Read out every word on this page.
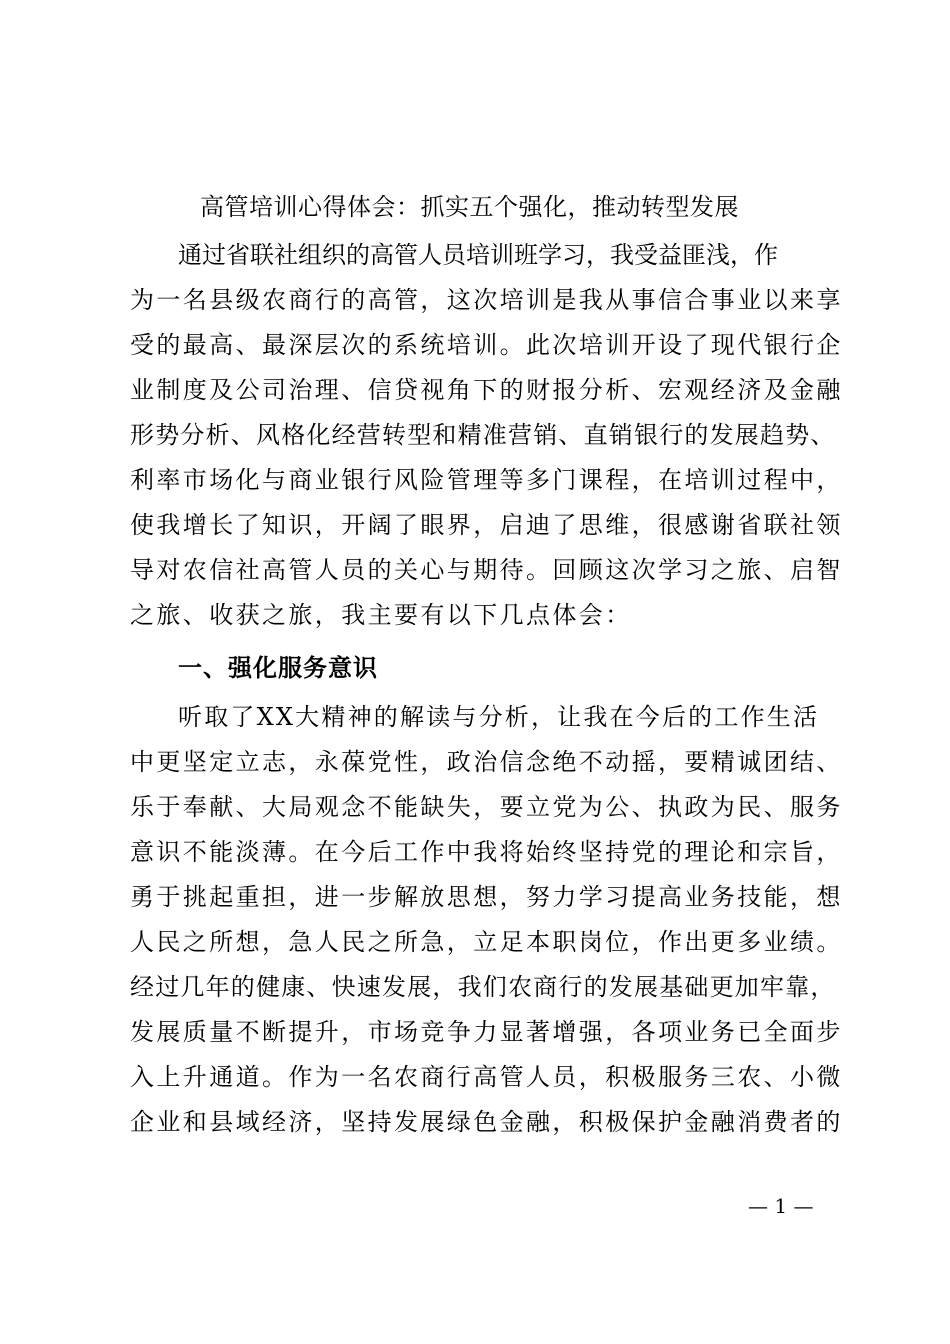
高管培训心得体会：抓实五个强化，推动转型发展
通过省联社组织的高管人员培训班学习，我受益匪浅，作
为一名县级农商行的高管，这次培训是我从事信合事业以来享
受的最高、最深层次的系统培训。此次培训开设了现代银行企
业制度及公司治理、信贷视角下的财报分析、宏观经济及金融
形势分析、风格化经营转型和精准营销、直销银行的发展趋势、
利率市场化与商业银行风险管理等多门课程，在培训过程中，
使我增长了知识，开阔了眼界，启迪了思维，很感谢省联社领
导对农信社高管人员的关心与期待。回顾这次学习之旅、启智
之旅、收获之旅，我主要有以下几点体会：
一、强化服务意识
听取了XX大精神的解读与分析，让我在今后的工作生活
中更坚定立志，永葆党性，政治信念绝不动摇，要精诚团结、
乐于奉献、大局观念不能缺失，要立党为公、执政为民、服务
意识不能淡薄。在今后工作中我将始终坚持党的理论和宗旨，
勇于挑起重担，进一步解放思想，努力学习提高业务技能，想
人民之所想，急人民之所急，立足本职岗位，作出更多业绩。
经过几年的健康、快速发展，我们农商行的发展基础更加牢靠，
发展质量不断提升，市场竞争力显著增强，各项业务已全面步
入上升通道。作为一名农商行高管人员，积极服务三农、小微
企业和县域经济，坚持发展绿色金融，积极保护金融消费者的
— 1 —
